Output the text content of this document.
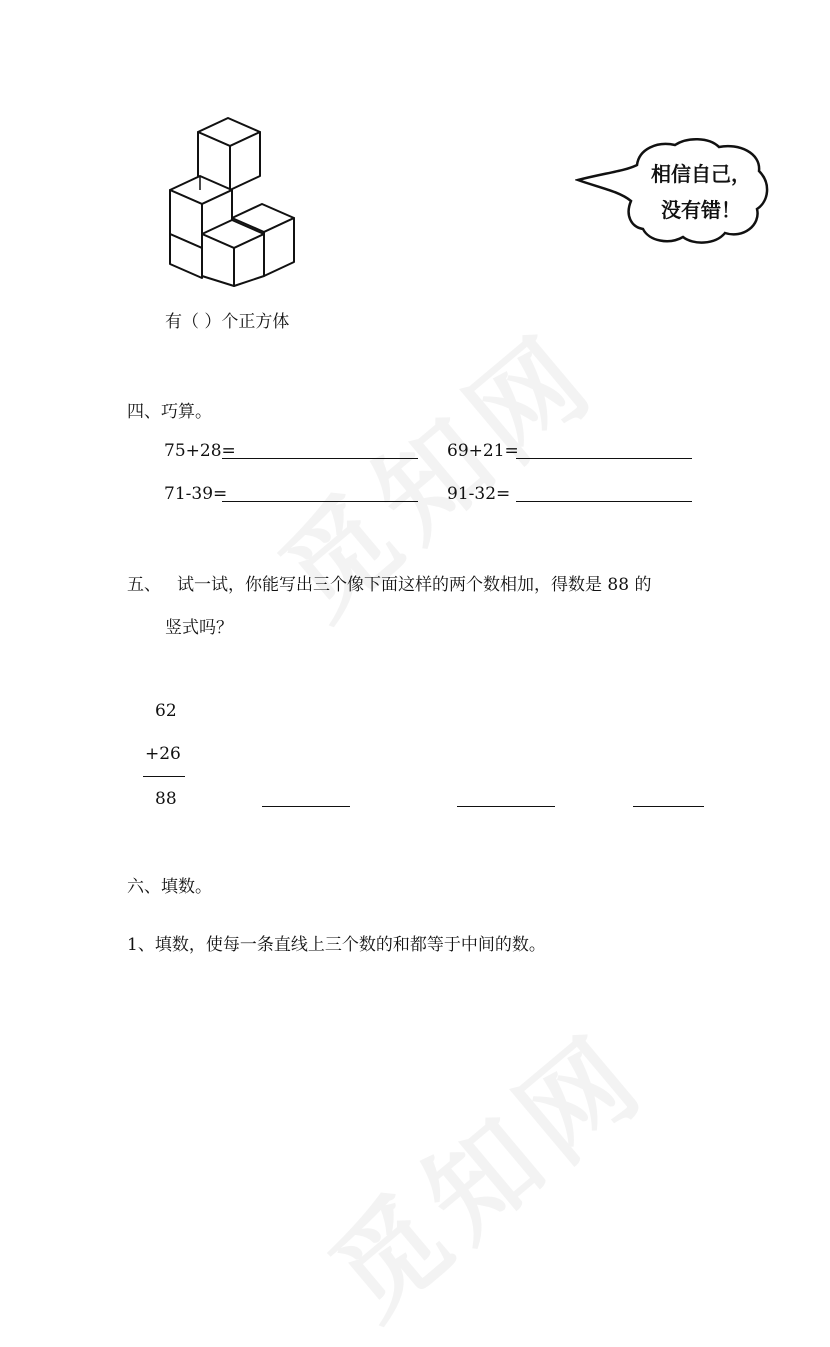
有（ ）个正方体
相信自己，
没有错！
四、巧算。
75+28=	69+21=
71-39=	91-32=
五、 试一试，你能写出三个像下面这样的两个数相加，得数是 88 的
竖式吗？
62
+26
88
六、填数。
1、填数，使每一条直线上三个数的和都等于中间的数。
